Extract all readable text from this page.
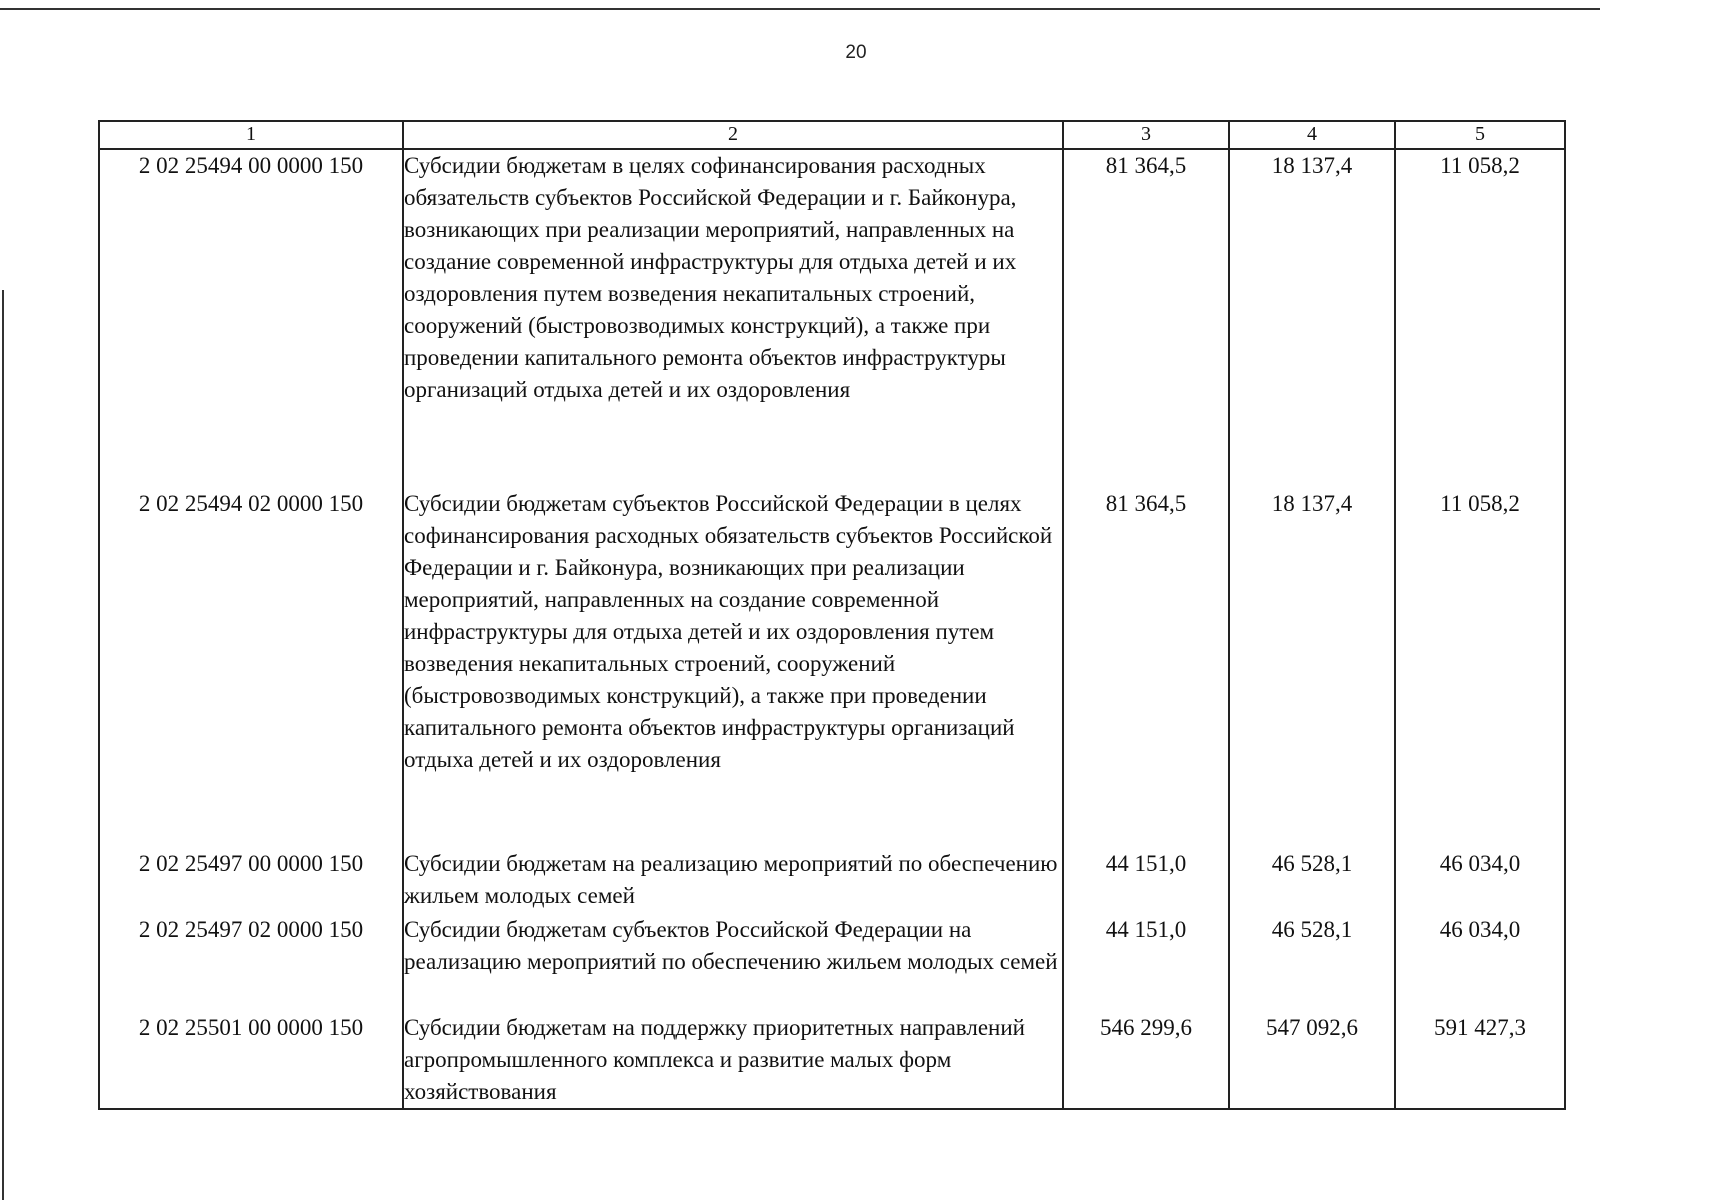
20
1	2	3	4	5
2 02 25494 00 0000 150	Субсидии бюджетам в целях софинансирования расходных обязательств субъектов Российской Федерации и г. Байконура, возникающих при реализации мероприятий, направленных на создание современной инфраструктуры для отдыха детей и их оздоровления путем возведения некапитальных строений, сооружений (быстровозводимых конструкций), а также при проведении капитального ремонта объектов инфраструктуры организаций отдыха детей и их оздоровления	81 364,5	18 137,4	11 058,2
2 02 25494 02 0000 150	Субсидии бюджетам субъектов Российской Федерации в целях софинансирования расходных обязательств субъектов Российской Федерации и г. Байконура, возникающих при реализации мероприятий, направленных на создание современной инфраструктуры для отдыха детей и их оздоровления путем возведения некапитальных строений, сооружений (быстровозводимых конструкций), а также при проведении капитального ремонта объектов инфраструктуры организаций отдыха детей и их оздоровления	81 364,5	18 137,4	11 058,2
2 02 25497 00 0000 150	Субсидии бюджетам на реализацию мероприятий по обеспечению жильем молодых семей	44 151,0	46 528,1	46 034,0
2 02 25497 02 0000 150	Субсидии бюджетам субъектов Российской Федерации на реализацию мероприятий по обеспечению жильем молодых семей	44 151,0	46 528,1	46 034,0
2 02 25501 00 0000 150	Субсидии бюджетам на поддержку приоритетных направлений агропромышленного комплекса и развитие малых форм хозяйствования	546 299,6	547 092,6	591 427,3
